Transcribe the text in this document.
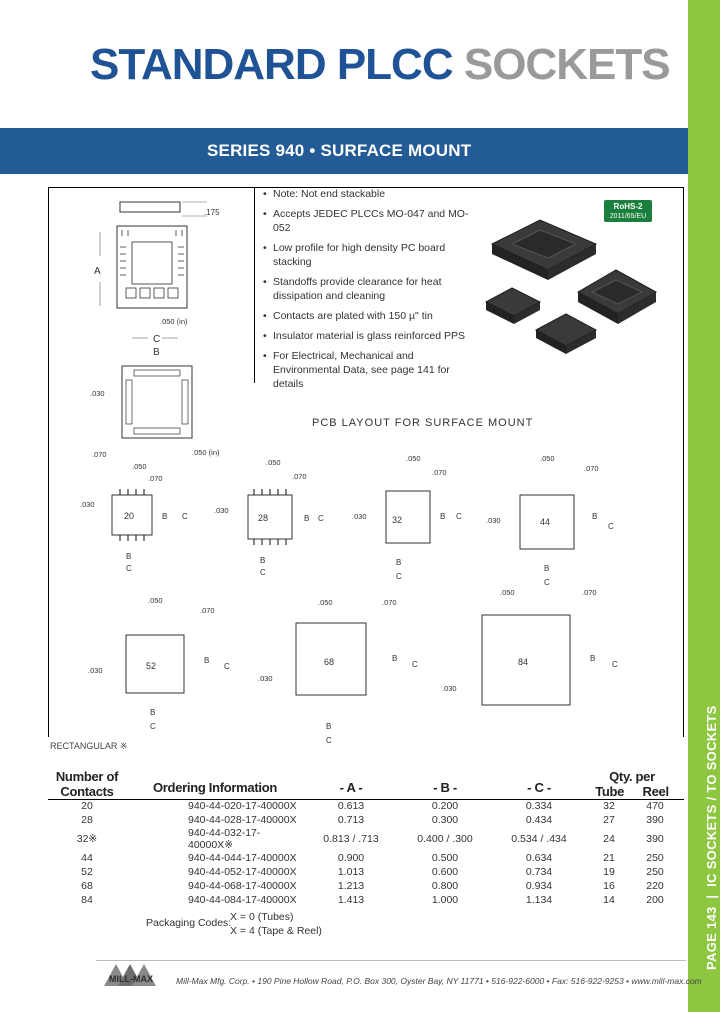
PAGE 143  |  IC SOCKETS / TO SOCKETS
STANDARD PLCC SOCKETS
SERIES 940 • SURFACE MOUNT
.175
A
.050 (in)
C
B
.030
.070	.050 (in)

• Note: Not end stackable

• Accepts JEDEC PLCCs MO-047 and MO-052

• Low profile for high density PC board stacking

• Standoffs provide clearance for heat dissipation and cleaning

• Contacts are plated with 150 µ" tin

• Insulator material is glass reinforced PPS

• For Electrical, Mechanical and Environmental Data, see page 141 for details

RoHS-2
2011/65/EU
PCB LAYOUT FOR SURFACE MOUNT
20
.050
.070
.030
B C
B
C
28
.050
.070
.030
B C
B
C
32
.050
.070
.030	B C
B
C
44
.050
.070
.030	B
C
B
C
52
.050
.070
.030
B
C
B
C
68
.050	.070
.030
B
C
B
C
84
.050	.070
.030
B
C
RECTANGULAR ※
Number of Contacts	Ordering Information	- A -	- B -	- C -	Qty. per
Tube Reel	

20	940-44-020-17-40000X	0.613	0.200	0.334	32	470
28	940-44-028-17-40000X	0.713	0.300	0.434	27	390
32※	940-44-032-17-40000X※	0.813 / .713	0.400 / .300	0.534 / .434	24	390
44	940-44-044-17-40000X	0.900	0.500	0.634	21	250
52	940-44-052-17-40000X	1.013	0.600	0.734	19	250
68	940-44-068-17-40000X	1.213	0.800	0.934	16	220
84	940-44-084-17-40000X	1.413	1.000	1.134	14	200
Packaging Codes:
X = 0 (Tubes)
X = 4 (Tape & Reel)
MILL-MAX	Mill-Max Mfg. Corp. • 190 Pine Hollow Road, P.O. Box 300, Oyster Bay, NY 11771 • 516-922-6000 • Fax: 516-922-9253 • www.mill-max.com
